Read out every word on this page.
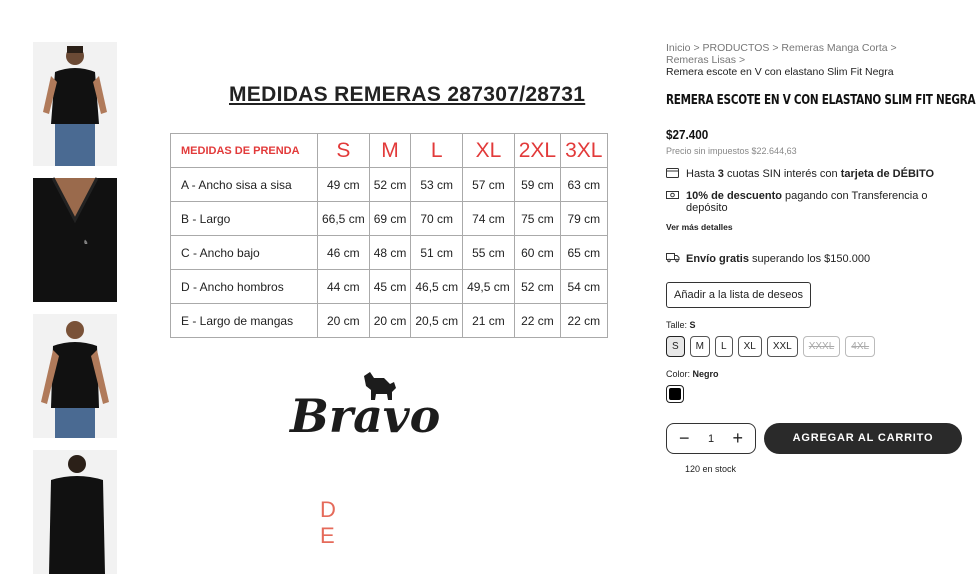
♞
MEDIDAS REMERAS 287307/28731
MEDIDAS DE PRENDA	S	M	L	XL	2XL	3XL
A - Ancho sisa a sisa	49 cm	52 cm	53 cm	57 cm	59 cm	63 cm
B - Largo	66,5 cm	69 cm	70 cm	74 cm	75 cm	79 cm
C - Ancho bajo	46 cm	48 cm	51 cm	55 cm	60 cm	65 cm
D - Ancho hombros	44 cm	45 cm	46,5 cm	49,5 cm	52 cm	54 cm
E - Largo de mangas	20 cm	20 cm	20,5 cm	21 cm	22 cm	22 cm
Bravo
D E
Inicio > PRODUCTOS > Remeras Manga Corta >
Remeras Lisas >
Remera escote en V con elastano Slim Fit Negra
REMERA ESCOTE EN V CON ELASTANO SLIM FIT NEGRA
$27.400
Precio sin impuestos $22.644,63
Hasta 3 cuotas SIN interés con tarjeta de DÉBITO
10% de descuento pagando con Transferencia o depósito
Ver más detalles
Envío gratis superando los $150.000
Añadir a la lista de deseos
Talle: S
S	M	L	XL	XXL	XXXL	4XL
Color: Negro
− 1 +	AGREGAR AL CARRITO
120 en stock
